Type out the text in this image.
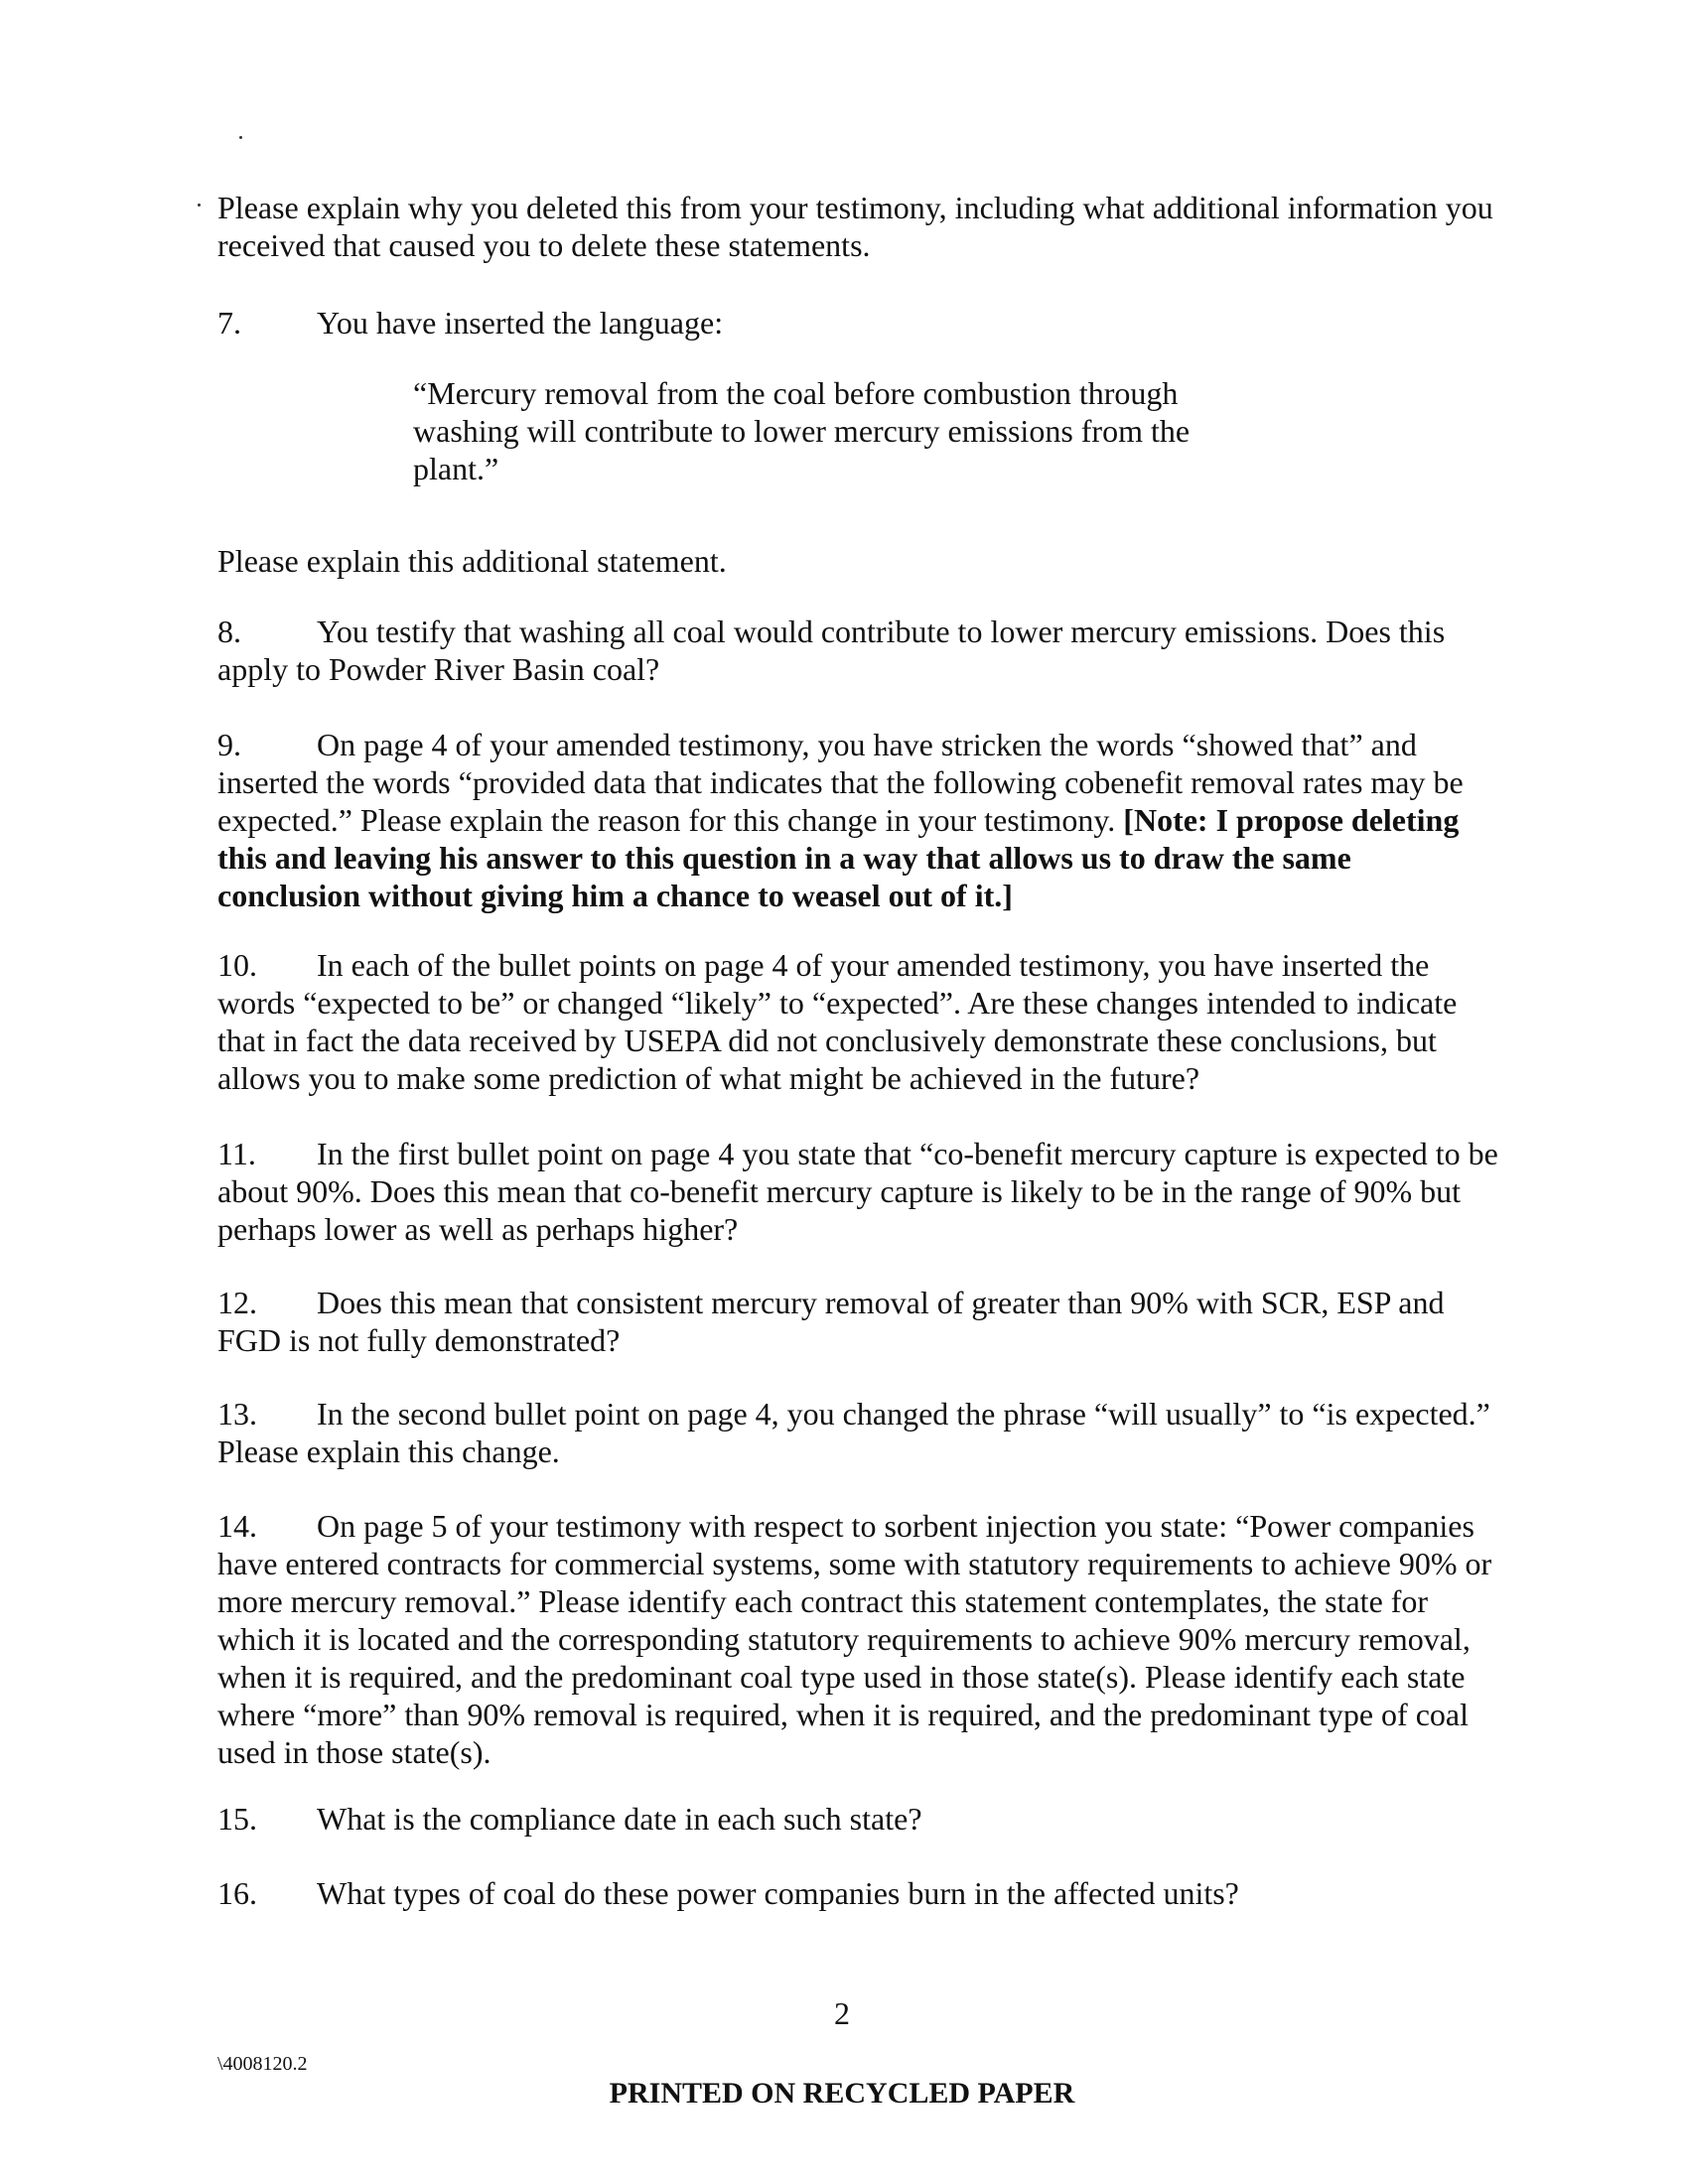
Please explain why you deleted this from your testimony, including what additional information you received that caused you to delete these statements.

7. You have inserted the language:

“Mercury removal from the coal before combustion through washing will contribute to lower mercury emissions from the plant.”

Please explain this additional statement.

8. You testify that washing all coal would contribute to lower mercury emissions. Does this apply to Powder River Basin coal?

9. On page 4 of your amended testimony, you have stricken the words “showed that” and inserted the words “provided data that indicates that the following cobenefit removal rates may be expected.” Please explain the reason for this change in your testimony. [Note: I propose deleting this and leaving his answer to this question in a way that allows us to draw the same conclusion without giving him a chance to weasel out of it.]

10. In each of the bullet points on page 4 of your amended testimony, you have inserted the words “expected to be” or changed “likely” to “expected”. Are these changes intended to indicate that in fact the data received by USEPA did not conclusively demonstrate these conclusions, but allows you to make some prediction of what might be achieved in the future?

11. In the first bullet point on page 4 you state that “co-benefit mercury capture is expected to be about 90%. Does this mean that co-benefit mercury capture is likely to be in the range of 90% but perhaps lower as well as perhaps higher?

12. Does this mean that consistent mercury removal of greater than 90% with SCR, ESP and FGD is not fully demonstrated?

13. In the second bullet point on page 4, you changed the phrase “will usually” to “is expected.” Please explain this change.

14. On page 5 of your testimony with respect to sorbent injection you state: “Power companies have entered contracts for commercial systems, some with statutory requirements to achieve 90% or more mercury removal.” Please identify each contract this statement contemplates, the state for which it is located and the corresponding statutory requirements to achieve 90% mercury removal, when it is required, and the predominant coal type used in those state(s). Please identify each state where “more” than 90% removal is required, when it is required, and the predominant type of coal used in those state(s).

15. What is the compliance date in each such state?

16. What types of coal do these power companies burn in the affected units?

2
\4008120.2
PRINTED ON RECYCLED PAPER
